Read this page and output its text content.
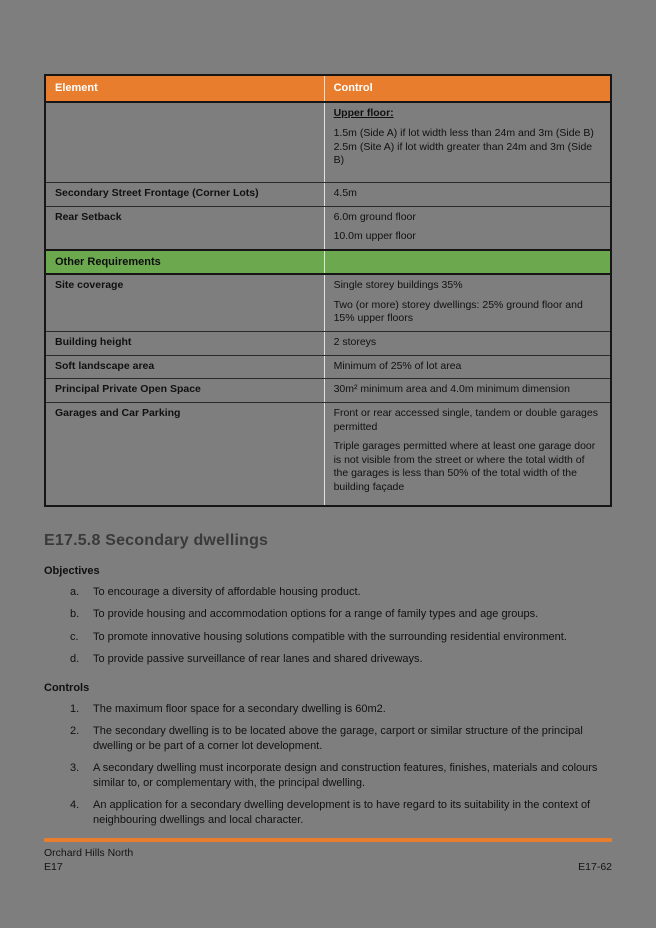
Element	Control

	Upper floor:

1.5m (Side A) if lot width less than 24m and 3m (Side B) 2.5m (Site A) if lot width greater than 24m and 3m (Side B)

Secondary Street Frontage (Corner Lots)	4.5m

Rear Setback	6.0m ground floor

10.0m upper floor

Other Requirements	
Site coverage	Single storey buildings 35%

Two (or more) storey dwellings: 25% ground floor and 15% upper floors

Building height	2 storeys

Soft landscape area	Minimum of 25% of lot area

Principal Private Open Space	30m² minimum area and 4.0m minimum dimension

Garages and Car Parking	Front or rear accessed single, tandem or double garages permitted

Triple garages permitted where at least one garage door is not visible from the street or where the total width of the garages is less than 50% of the total width of the building façade

E17.5.8 Secondary dwellings
Objectives
a.	To encourage a diversity of affordable housing product.
b.	To provide housing and accommodation options for a range of family types and age groups.
c.	To promote innovative housing solutions compatible with the surrounding residential environment.
d.	To provide passive surveillance of rear lanes and shared driveways.
Controls
1.	The maximum floor space for a secondary dwelling is 60m2.
2.	The secondary dwelling is to be located above the garage, carport or similar structure of the principal dwelling or be part of a corner lot development.
3.	A secondary dwelling must incorporate design and construction features, finishes, materials and colours similar to, or complementary with, the principal dwelling.
4.	An application for a secondary dwelling development is to have regard to its suitability in the context of neighbouring dwellings and local character.
Orchard Hills North
E17	E17-62
